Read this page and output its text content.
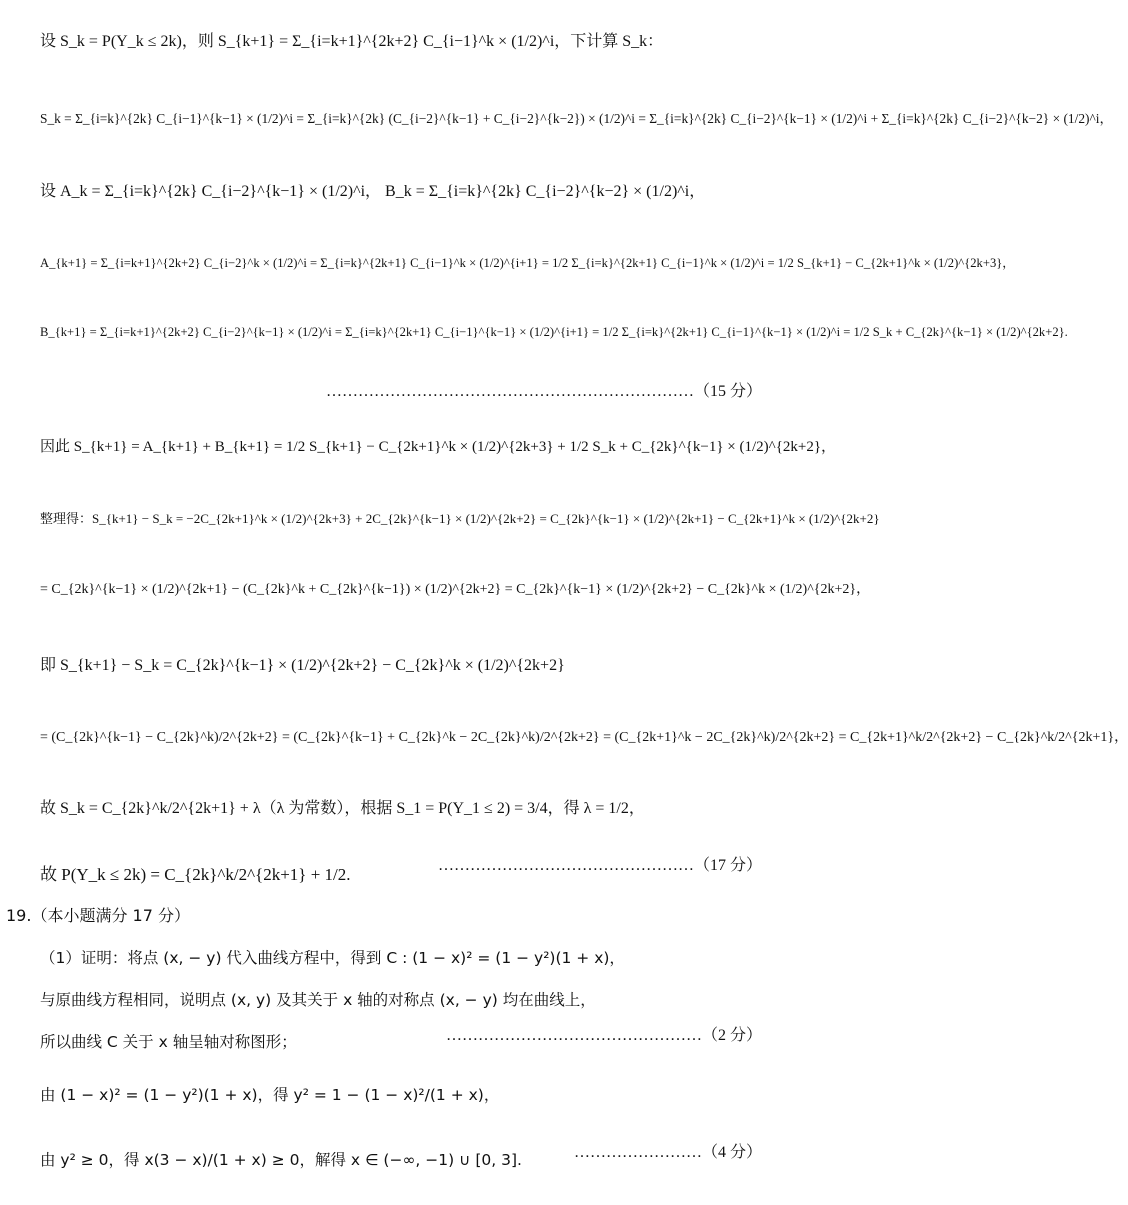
设 S_k = P(Y_k ≤ 2k)，则 S_{k+1} = Σ_{i=k+1}^{2k+2} C_{i−1}^k × (1/2)^i，下计算 S_k：
S_k = Σ_{i=k}^{2k} C_{i−1}^{k−1} × (1/2)^i = Σ_{i=k}^{2k} (C_{i−2}^{k−1} + C_{i−2}^{k−2}) × (1/2)^i = Σ_{i=k}^{2k} C_{i−2}^{k−1} × (1/2)^i + Σ_{i=k}^{2k} C_{i−2}^{k−2} × (1/2)^i，
设 A_k = Σ_{i=k}^{2k} C_{i−2}^{k−1} × (1/2)^i， B_k = Σ_{i=k}^{2k} C_{i−2}^{k−2} × (1/2)^i，
A_{k+1} = Σ_{i=k+1}^{2k+2} C_{i−2}^k × (1/2)^i = Σ_{i=k}^{2k+1} C_{i−1}^k × (1/2)^{i+1} = 1/2 Σ_{i=k}^{2k+1} C_{i−1}^k × (1/2)^i = 1/2 S_{k+1} − C_{2k+1}^k × (1/2)^{2k+3}，
B_{k+1} = Σ_{i=k+1}^{2k+2} C_{i−2}^{k−1} × (1/2)^i = Σ_{i=k}^{2k+1} C_{i−1}^{k−1} × (1/2)^{i+1} = 1/2 Σ_{i=k}^{2k+1} C_{i−1}^{k−1} × (1/2)^i = 1/2 S_k + C_{2k}^{k−1} × (1/2)^{2k+2}.
……………………………………………………………（15 分）
因此 S_{k+1} = A_{k+1} + B_{k+1} = 1/2 S_{k+1} − C_{2k+1}^k × (1/2)^{2k+3} + 1/2 S_k + C_{2k}^{k−1} × (1/2)^{2k+2}，
整理得：S_{k+1} − S_k = −2C_{2k+1}^k × (1/2)^{2k+3} + 2C_{2k}^{k−1} × (1/2)^{2k+2} = C_{2k}^{k−1} × (1/2)^{2k+1} − C_{2k+1}^k × (1/2)^{2k+2}
= C_{2k}^{k−1} × (1/2)^{2k+1} − (C_{2k}^k + C_{2k}^{k−1}) × (1/2)^{2k+2} = C_{2k}^{k−1} × (1/2)^{2k+2} − C_{2k}^k × (1/2)^{2k+2}，
即 S_{k+1} − S_k = C_{2k}^{k−1} × (1/2)^{2k+2} − C_{2k}^k × (1/2)^{2k+2}
= (C_{2k}^{k−1} − C_{2k}^k)/2^{2k+2} = (C_{2k}^{k−1} + C_{2k}^k − 2C_{2k}^k)/2^{2k+2} = (C_{2k+1}^k − 2C_{2k}^k)/2^{2k+2} = C_{2k+1}^k/2^{2k+2} − C_{2k}^k/2^{2k+1}，
故 S_k = C_{2k}^k/2^{2k+1} + λ（λ 为常数），根据 S_1 = P(Y_1 ≤ 2) = 3/4，得 λ = 1/2，
故 P(Y_k ≤ 2k) = C_{2k}^k/2^{2k+1} + 1/2.	…………………………………………（17 分）
19.（本小题满分 17 分）
（1）证明：将点 (x, − y) 代入曲线方程中，得到 C : (1 − x)² = (1 − y²)(1 + x)，
与原曲线方程相同，说明点 (x, y) 及其关于 x 轴的对称点 (x, − y) 均在曲线上，
所以曲线 C 关于 x 轴呈轴对称图形；	…………………………………………（2 分）
由 (1 − x)² = (1 − y²)(1 + x)，得 y² = 1 − (1 − x)²/(1 + x)，
由 y² ≥ 0，得 x(3 − x)/(1 + x) ≥ 0，解得 x ∈ (−∞, −1) ∪ [0, 3].	……………………（4 分）
